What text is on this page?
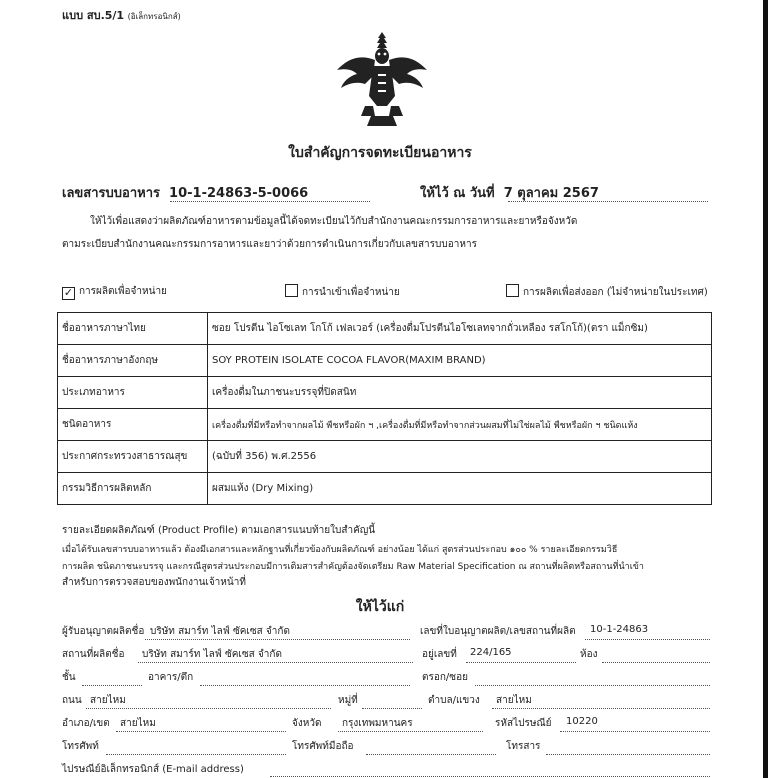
แบบ สบ.5/1 (อิเล็กทรอนิกส์)
ใบสำคัญการจดทะเบียนอาหาร
เลขสารบบอาหาร 10-1-24863-5-0066	ให้ไว้ ณ วันที่ 7 ตุลาคม 2567
ให้ไว้เพื่อแสดงว่าผลิตภัณฑ์อาหารตามข้อมูลนี้ได้จดทะเบียนไว้กับสำนักงานคณะกรรมการอาหารและยาหรือจังหวัด
ตามระเบียบสำนักงานคณะกรรมการอาหารและยาว่าด้วยการดำเนินการเกี่ยวกับเลขสารบบอาหาร
✓ การผลิตเพื่อจำหน่าย	การนำเข้าเพื่อจำหน่าย	การผลิตเพื่อส่งออก (ไม่จำหน่ายในประเทศ)
ชื่ออาหารภาษาไทย	ซอย โปรตีน ไอโซเลท โกโก้ เฟลเวอร์ (เครื่องดื่มโปรตีนไอโซเลทจากถั่วเหลือง รสโกโก้)(ตรา แม็กซิม)
ชื่ออาหารภาษาอังกฤษ	SOY PROTEIN ISOLATE COCOA FLAVOR(MAXIM BRAND)
ประเภทอาหาร	เครื่องดื่มในภาชนะบรรจุที่ปิดสนิท
ชนิดอาหาร	เครื่องดื่มที่มีหรือทำจากผลไม้ พืชหรือผัก ฯ ,เครื่องดื่มที่มีหรือทำจากส่วนผสมที่ไม่ใช่ผลไม้ พืชหรือผัก ฯ ชนิดแห้ง
ประกาศกระทรวงสาธารณสุข	(ฉบับที่ 356) พ.ศ.2556
กรรมวิธีการผลิตหลัก	ผสมแห้ง (Dry Mixing)
รายละเอียดผลิตภัณฑ์ (Product Profile) ตามเอกสารแนบท้ายใบสำคัญนี้
เมื่อได้รับเลขสารบบอาหารแล้ว ต้องมีเอกสารและหลักฐานที่เกี่ยวข้องกับผลิตภัณฑ์ อย่างน้อย ได้แก่ สูตรส่วนประกอบ ๑๐๐ % รายละเอียดกรรมวิธี
การผลิต ชนิดภาชนะบรรจุ และกรณีสูตรส่วนประกอบมีการเติมสารสำคัญต้องจัดเตรียม Raw Material Specification ณ สถานที่ผลิตหรือสถานที่นำเข้า
สำหรับการตรวจสอบของพนักงานเจ้าหน้าที่
ให้ไว้แก่
ผู้รับอนุญาตผลิตชื่อ บริษัท สมาร์ท ไลฟ์ ซัคเซส จำกัด	เลขที่ใบอนุญาตผลิต/เลขสถานที่ผลิต 10-1-24863
สถานที่ผลิตชื่อ บริษัท สมาร์ท ไลฟ์ ซัคเซส จำกัด	อยู่เลขที่ 224/165	ห้อง
ชั้น	อาคาร/ตึก	ตรอก/ซอย
ถนน สายไหม	หมู่ที่	ตำบล/แขวง สายไหม
อำเภอ/เขต สายไหม	จังหวัด กรุงเทพมหานคร	รหัสไปรษณีย์ 10220
โทรศัพท์	โทรศัพท์มือถือ	โทรสาร
ไปรษณีย์อิเล็กทรอนิกส์ (E-mail address)
